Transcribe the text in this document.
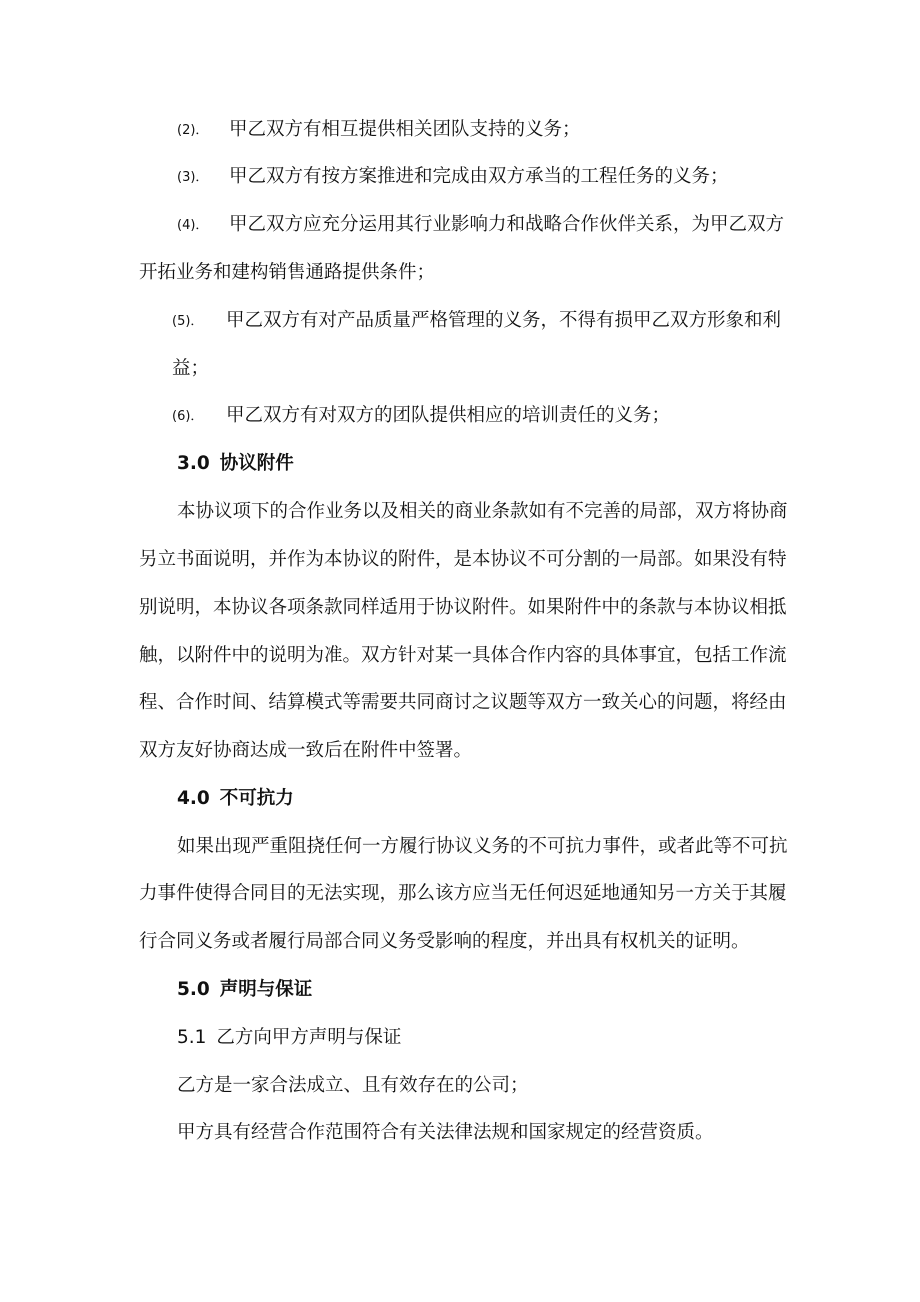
(2)． 甲乙双方有相互提供相关团队支持的义务；
(3)． 甲乙双方有按方案推进和完成由双方承当的工程任务的义务；
(4)． 甲乙双方应充分运用其行业影响力和战略合作伙伴关系，为甲乙双方
开拓业务和建构销售通路提供条件；
(5)． 甲乙双方有对产品质量严格管理的义务，不得有损甲乙双方形象和利
益；
(6)． 甲乙双方有对双方的团队提供相应的培训责任的义务；
3.0 协议附件
本协议项下的合作业务以及相关的商业条款如有不完善的局部，双方将协商
另立书面说明，并作为本协议的附件，是本协议不可分割的一局部。如果没有特
别说明，本协议各项条款同样适用于协议附件。如果附件中的条款与本协议相抵
触，以附件中的说明为准。双方针对某一具体合作内容的具体事宜，包括工作流
程、合作时间、结算模式等需要共同商讨之议题等双方一致关心的问题，将经由
双方友好协商达成一致后在附件中签署。
4.0 不可抗力
如果出现严重阻挠任何一方履行协议义务的不可抗力事件，或者此等不可抗
力事件使得合同目的无法实现，那么该方应当无任何迟延地通知另一方关于其履
行合同义务或者履行局部合同义务受影响的程度，并出具有权机关的证明。
5.0 声明与保证
5.1 乙方向甲方声明与保证
乙方是一家合法成立、且有效存在的公司；
甲方具有经营合作范围符合有关法律法规和国家规定的经营资质。
